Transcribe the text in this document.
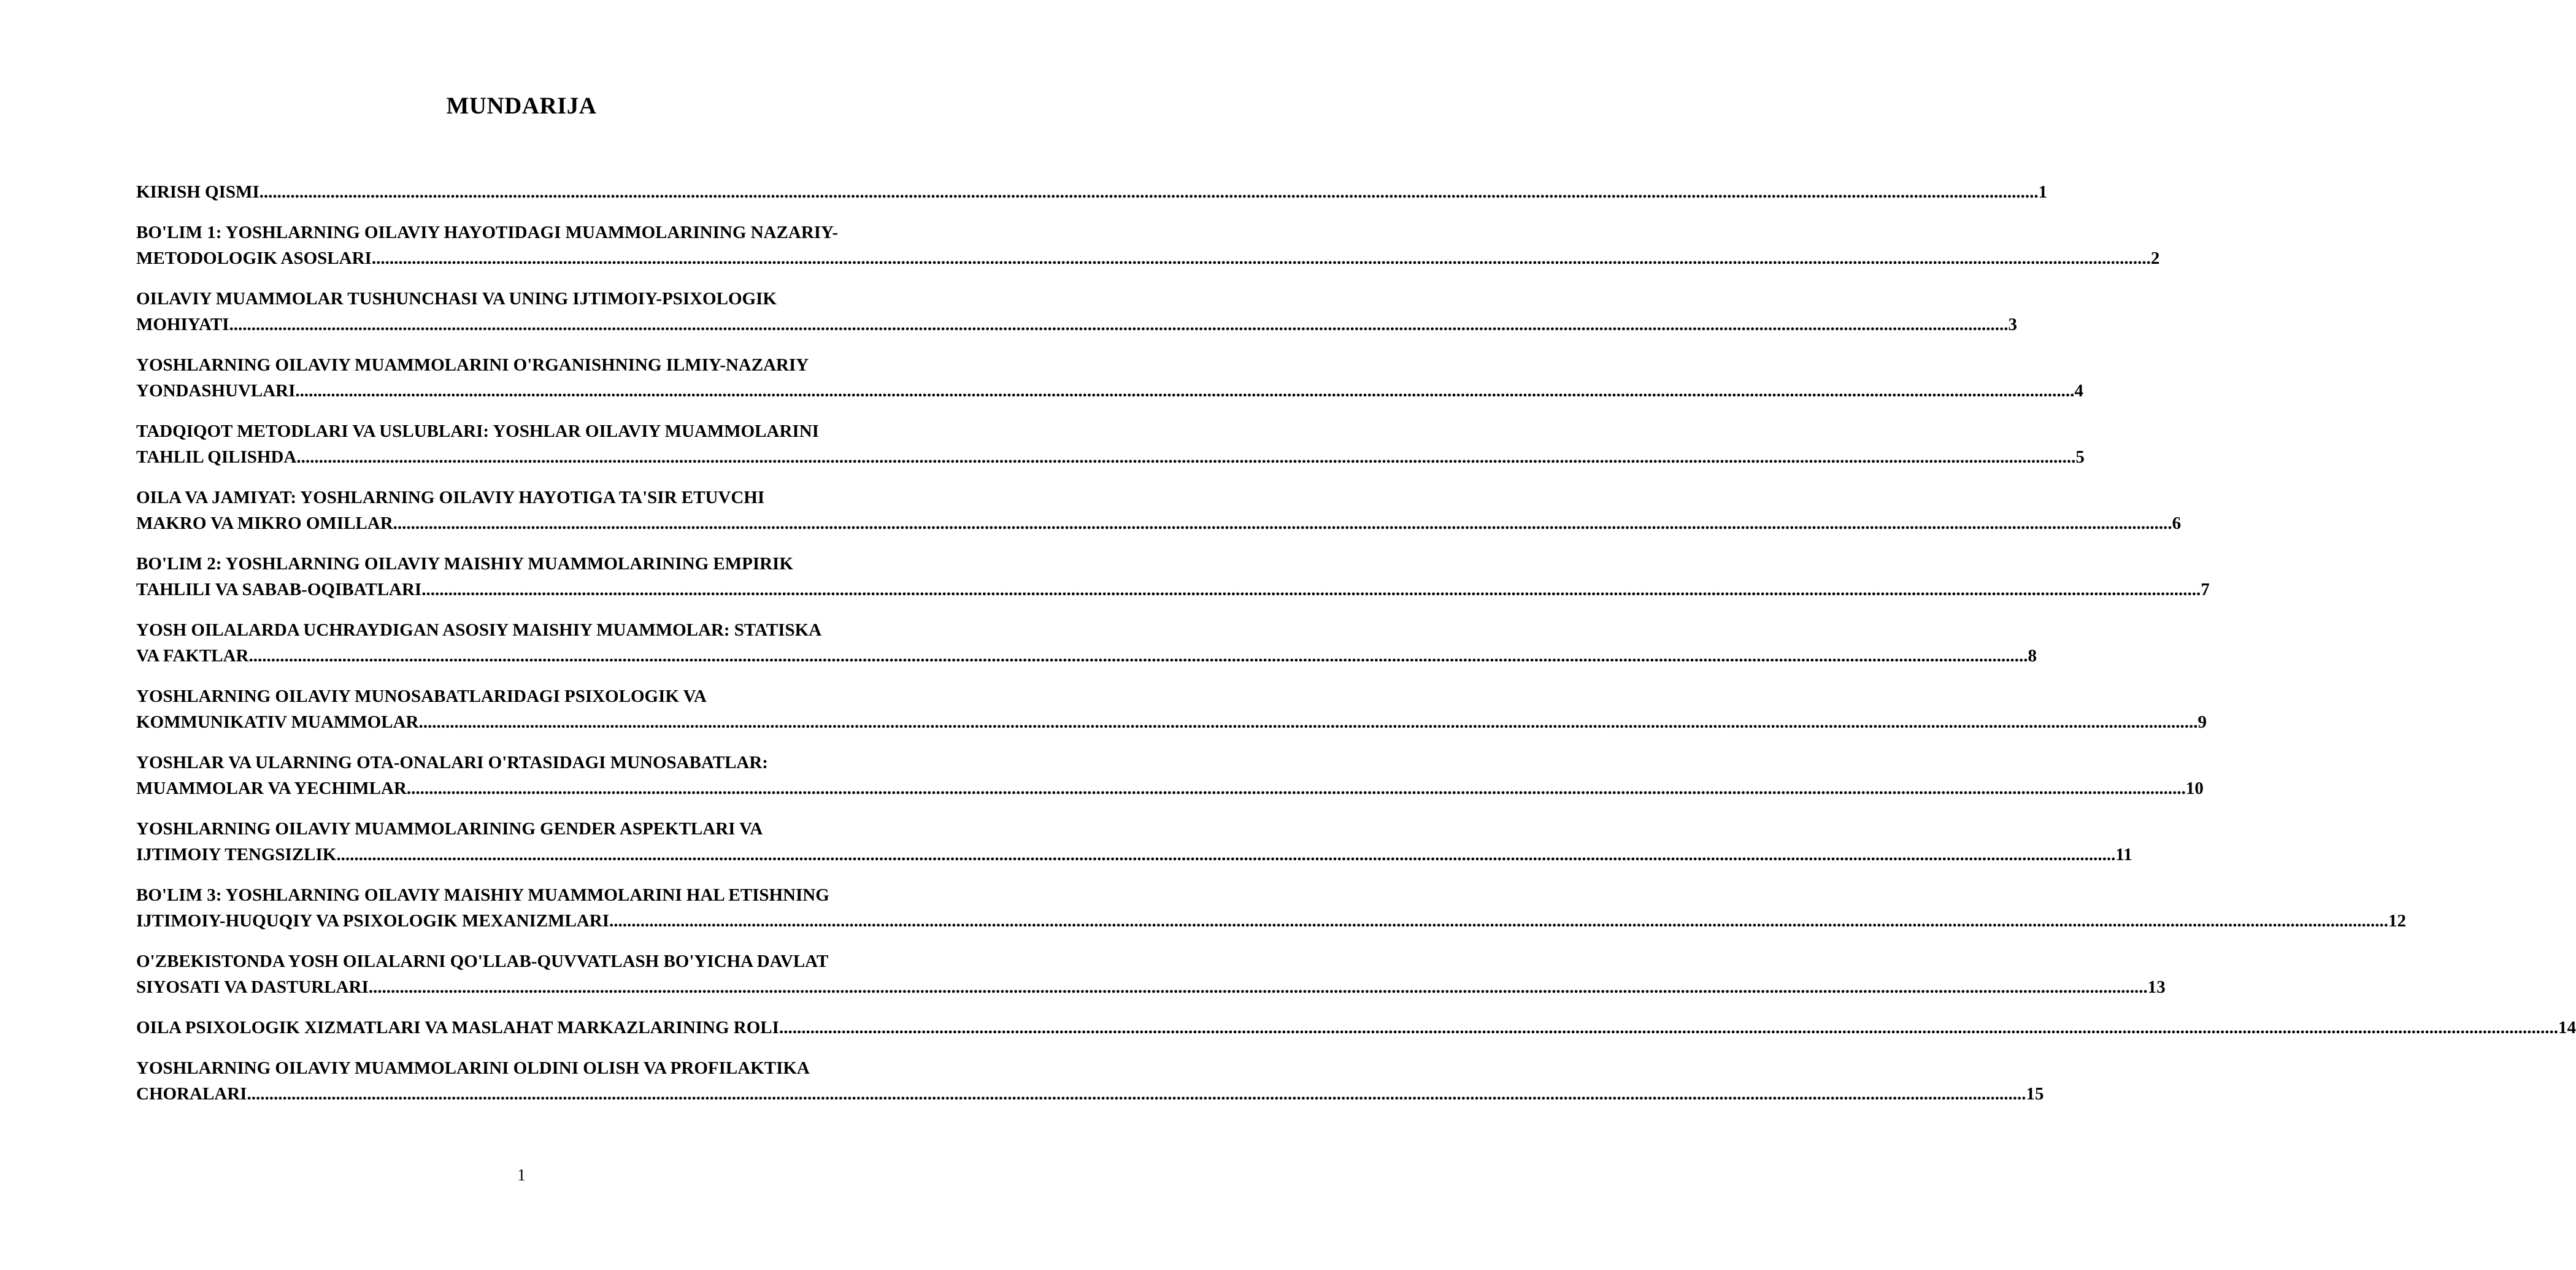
MUNDARIJA
KIRISH QISMI ................................................................................................................................................................................................................................................................................................................................................................................................................ 1
BO'LIM 1: YOSHLARNING OILAVIY HAYOTIDAGI MUAMMOLARINING NAZARIY-
METODOLOGIK ASOSLARI ................................................................................................................................................................................................................................................................................................................................................................................................................ 2
OILAVIY MUAMMOLAR TUSHUNCHASI VA UNING IJTIMOIY-PSIXOLOGIK
MOHIYATI ................................................................................................................................................................................................................................................................................................................................................................................................................ 3
YOSHLARNING OILAVIY MUAMMOLARINI O'RGANISHNING ILMIY-NAZARIY
YONDASHUVLARI ................................................................................................................................................................................................................................................................................................................................................................................................................ 4
TADQIQOT METODLARI VA USLUBLARI: YOSHLAR OILAVIY MUAMMOLARINI
TAHLIL QILISHDA ................................................................................................................................................................................................................................................................................................................................................................................................................ 5
OILA VA JAMIYAT: YOSHLARNING OILAVIY HAYOTIGA TA'SIR ETUVCHI
MAKRO VA MIKRO OMILLAR ................................................................................................................................................................................................................................................................................................................................................................................................................ 6
BO'LIM 2: YOSHLARNING OILAVIY MAISHIY MUAMMOLARINING EMPIRIK
TAHLILI VA SABAB-OQIBATLARI ................................................................................................................................................................................................................................................................................................................................................................................................................ 7
YOSH OILALARDA UCHRAYDIGAN ASOSIY MAISHIY MUAMMOLAR: STATISKA
VA FAKTLAR ................................................................................................................................................................................................................................................................................................................................................................................................................ 8
YOSHLARNING OILAVIY MUNOSABATLARIDAGI PSIXOLOGIK VA
KOMMUNIKATIV MUAMMOLAR ................................................................................................................................................................................................................................................................................................................................................................................................................ 9
YOSHLAR VA ULARNING OTA-ONALARI O'RTASIDAGI MUNOSABATLAR:
MUAMMOLAR VA YECHIMLAR ................................................................................................................................................................................................................................................................................................................................................................................................................ 10
YOSHLARNING OILAVIY MUAMMOLARINING GENDER ASPEKTLARI VA
IJTIMOIY TENGSIZLIK ................................................................................................................................................................................................................................................................................................................................................................................................................ 11
BO'LIM 3: YOSHLARNING OILAVIY MAISHIY MUAMMOLARINI HAL ETISHNING
IJTIMOIY-HUQUQIY VA PSIXOLOGIK MEXANIZMLARI ................................................................................................................................................................................................................................................................................................................................................................................................................ 12
O'ZBEKISTONDA YOSH OILALARNI QO'LLAB-QUVVATLASH BO'YICHA DAVLAT
SIYOSATI VA DASTURLARI ................................................................................................................................................................................................................................................................................................................................................................................................................ 13
OILA PSIXOLOGIK XIZMATLARI VA MASLAHAT MARKAZLARINING ROLI ................................................................................................................................................................................................................................................................................................................................................................................................................ 14
YOSHLARNING OILAVIY MUAMMOLARINI OLDINI OLISH VA PROFILAKTIKA
CHORALARI ................................................................................................................................................................................................................................................................................................................................................................................................................ 15
1
